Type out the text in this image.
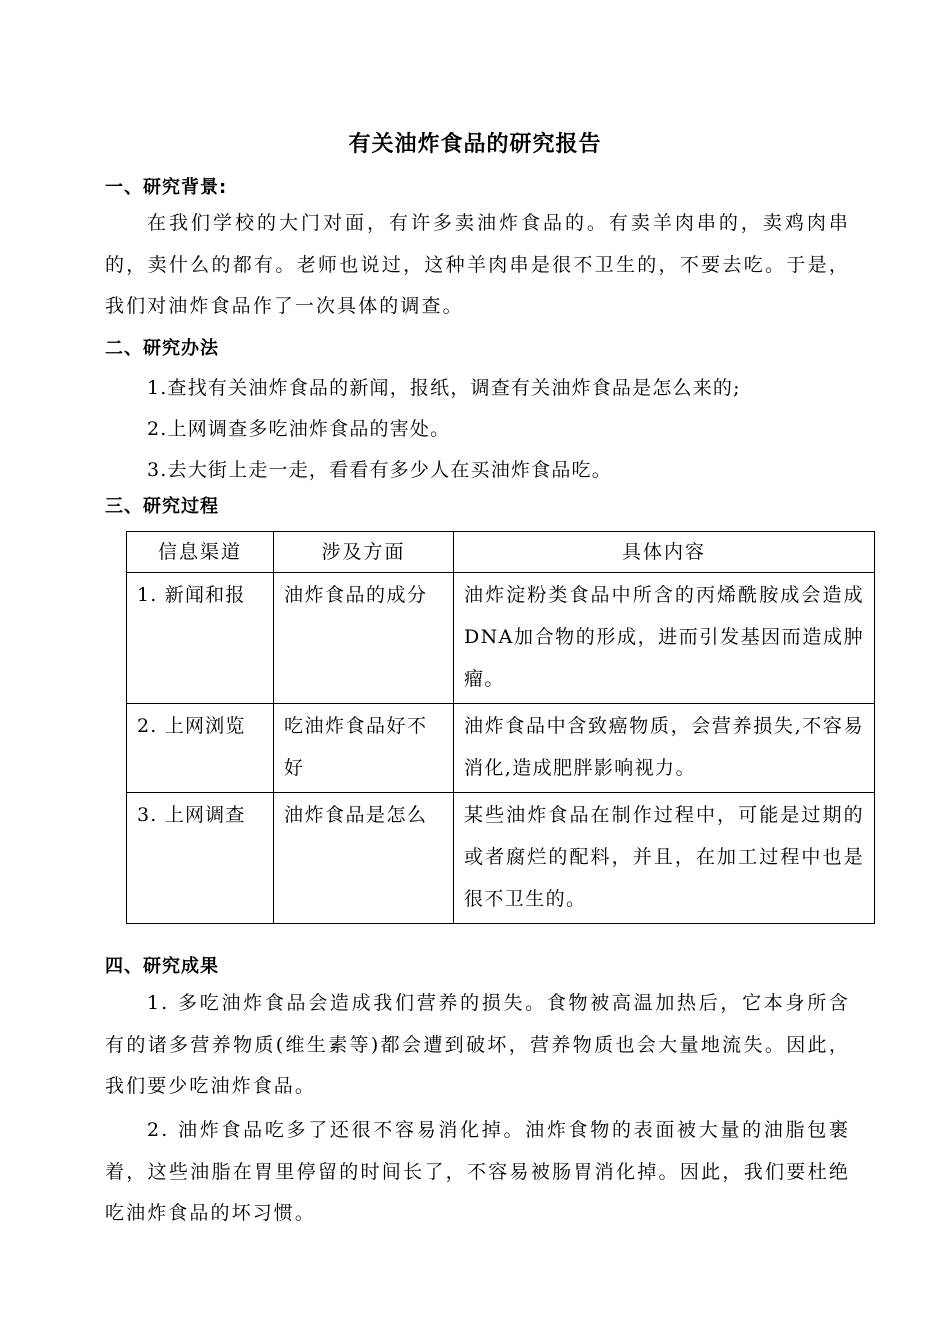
有关油炸食品的研究报告
一、研究背景:
在我们学校的大门对面，有许多卖油炸食品的。有卖羊肉串的，卖鸡肉串的，卖什么的都有。老师也说过，这种羊肉串是很不卫生的，不要去吃。于是，我们对油炸食品作了一次具体的调查。
二、研究办法
1.查找有关油炸食品的新闻，报纸，调查有关油炸食品是怎么来的;
2.上网调查多吃油炸食品的害处。
3.去大街上走一走，看看有多少人在买油炸食品吃。
三、研究过程
信息渠道	涉及方面	具体内容
1. 新闻和报	油炸食品的成分	油炸淀粉类食品中所含的丙烯酰胺成会造成DNA加合物的形成，进而引发基因而造成肿瘤。
2. 上网浏览	吃油炸食品好不好	油炸食品中含致癌物质，会营养损失,不容易消化,造成肥胖影响视力。
3. 上网调查	油炸食品是怎么	某些油炸食品在制作过程中，可能是过期的或者腐烂的配料，并且，在加工过程中也是很不卫生的。
四、研究成果
1. 多吃油炸食品会造成我们营养的损失。食物被高温加热后，它本身所含有的诸多营养物质(维生素等)都会遭到破坏，营养物质也会大量地流失。因此，我们要少吃油炸食品。
2. 油炸食品吃多了还很不容易消化掉。油炸食物的表面被大量的油脂包裹着，这些油脂在胃里停留的时间长了，不容易被肠胃消化掉。因此，我们要杜绝吃油炸食品的坏习惯。
